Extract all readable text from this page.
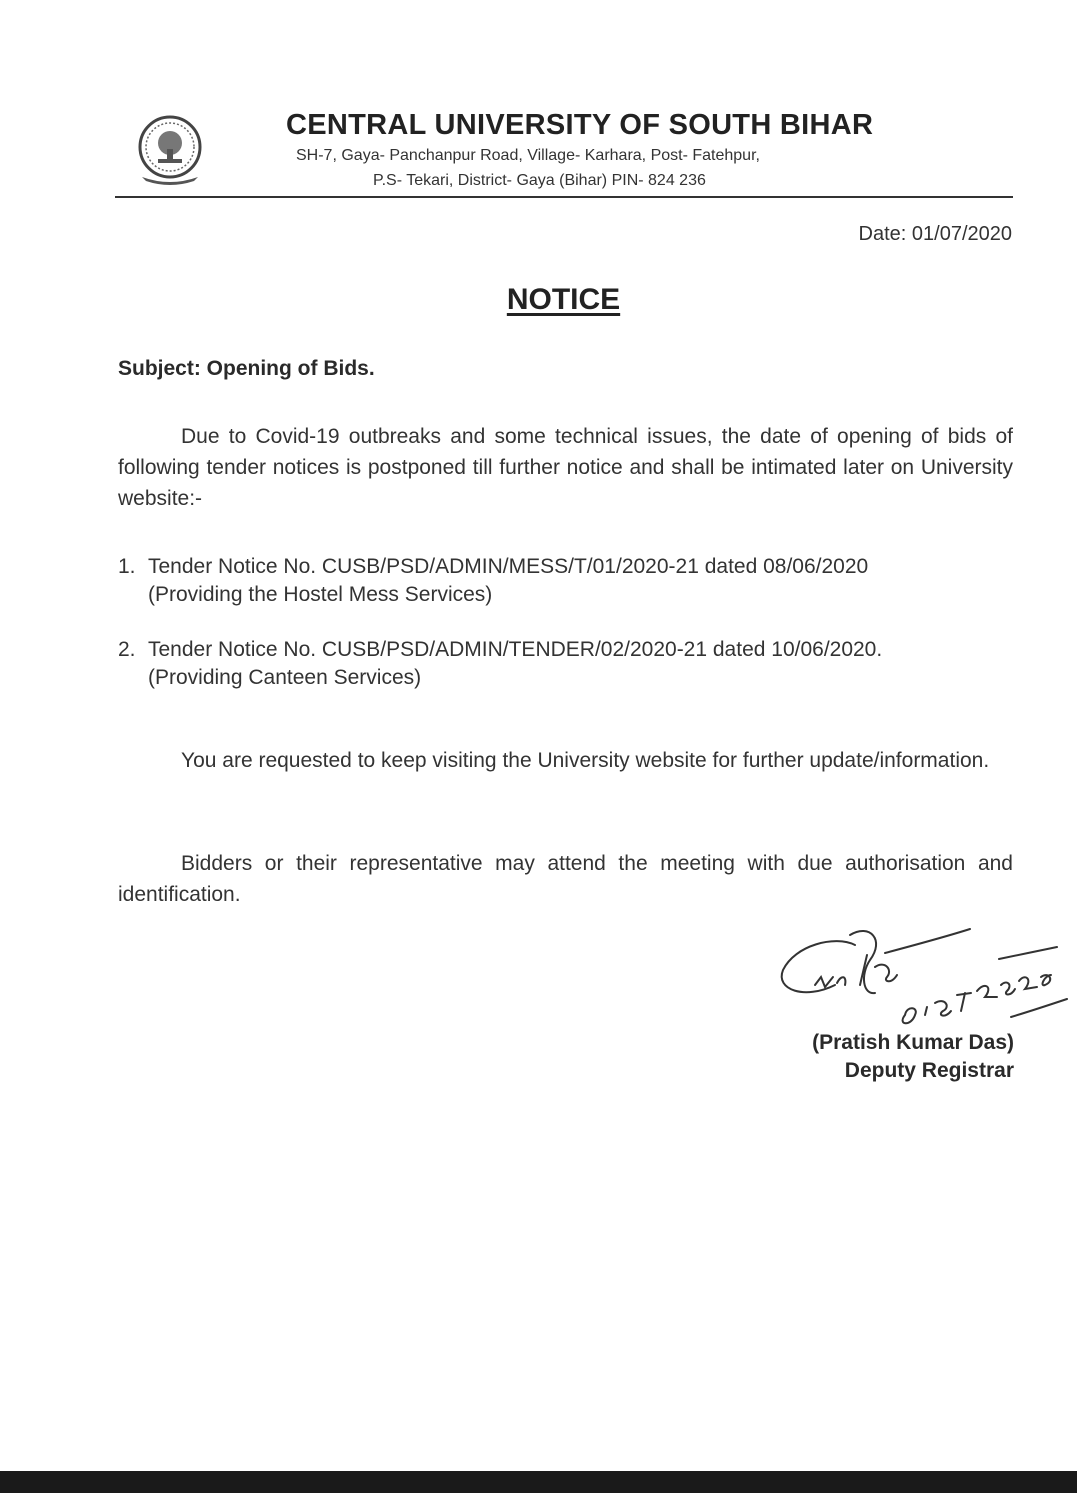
CENTRAL UNIVERSITY OF SOUTH BIHAR
SH-7, Gaya- Panchanpur Road, Village- Karhara, Post- Fatehpur,
P.S- Tekari, District- Gaya (Bihar) PIN- 824 236
Date: 01/07/2020
NOTICE
Subject: Opening of Bids.
Due to Covid-19 outbreaks and some technical issues, the date of opening of bids of following tender notices is postponed till further notice and shall be intimated later on University website:-
1. Tender Notice No. CUSB/PSD/ADMIN/MESS/T/01/2020-21 dated 08/06/2020
(Providing the Hostel Mess Services)
2. Tender Notice No. CUSB/PSD/ADMIN/TENDER/02/2020-21 dated 10/06/2020.
(Providing Canteen Services)
You are requested to keep visiting the University website for further update/information.
Bidders or their representative may attend the meeting with due authorisation and identification.
(Pratish Kumar Das)
Deputy Registrar
